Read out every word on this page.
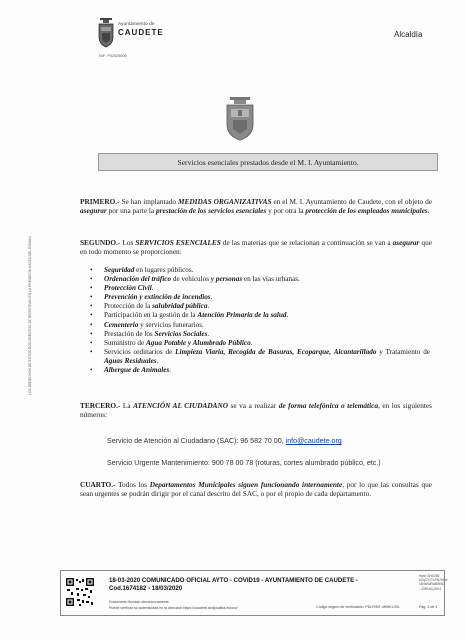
Ayuntamiento de
CAUDETE
NIF: P0202500E
Alcaldía
Servicios esenciales prestados desde el M. I. Ayuntamiento.
LOS DERECHOS DE ESTOS DOCUMENTOS SE REGISTRAN EN LA PRESENTA HASTA DEL ROMAN

PRIMERO.- Se han implantado MEDIDAS ORGANIZATIVAS en el M. I. Ayuntamiento de Caudete, con el objeto de asegurar por una parte la prestación de los servicios esenciales y por otra la protección de los empleados municipales.

SEGUNDO.- Los SERVICIOS ESENCIALES de las materias que se relacionan a continuación se van a asegurar que en todo momento se proporcionen:

• Seguridad en lugares públicos.
• Ordenación del tráfico de vehículos y personas en las vías urbanas.
• Protección Civil.
• Prevención y extinción de incendios.
• Protección de la salubridad pública.
• Participación en la gestión de la Atención Primaria de la salud.
• Cementerio y servicios funerarios.
• Prestación de los Servicios Sociales.
• Suministro de Agua Potable y Alumbrado Público.
• Servicios ordinarios de Limpieza Viaria, Recogida de Basuras, Ecoparque, Alcantarillado y Tratamiento de Aguas Residuales.
• Albergue de Animales.

TERCERO.- La ATENCIÓN AL CIUDADANO se va a realizar de forma telefónica o telemática, en los siguientes números:

Servicio de Atención al Ciudadano (SAC): 96 582 70 00, info@caudete.org
Servicio Urgente Mantenimiento: 900 78 00 78 (roturas, cortes alumbrado público, etc.)

CUARTO.- Todos los Departamentos Municipales siguen funcionando internamente, por lo que las consultas que sean urgentes se podrán dirigir por el canal descrito del SAC, o por el propio de cada departamento.

18-03-2020 COMUNICADO OFICIAL AYTO - COVID19 - AYUNTAMIENTO DE CAUDETE -
Cod.1674182 - 18/03/2020
Documento firmado electrónicamente.
Puede verificar su autenticidad en la dirección https://caudete.sedipualba.es/ovv/	Código seguro de verificación: PDLR/NT-4HMKL3VL
Hash SHA256:
vOqOYxTxP/k2Wm/
L6HsNuRa8MEB3
...DtRUiAQDE4
Pág. 3 de 1
